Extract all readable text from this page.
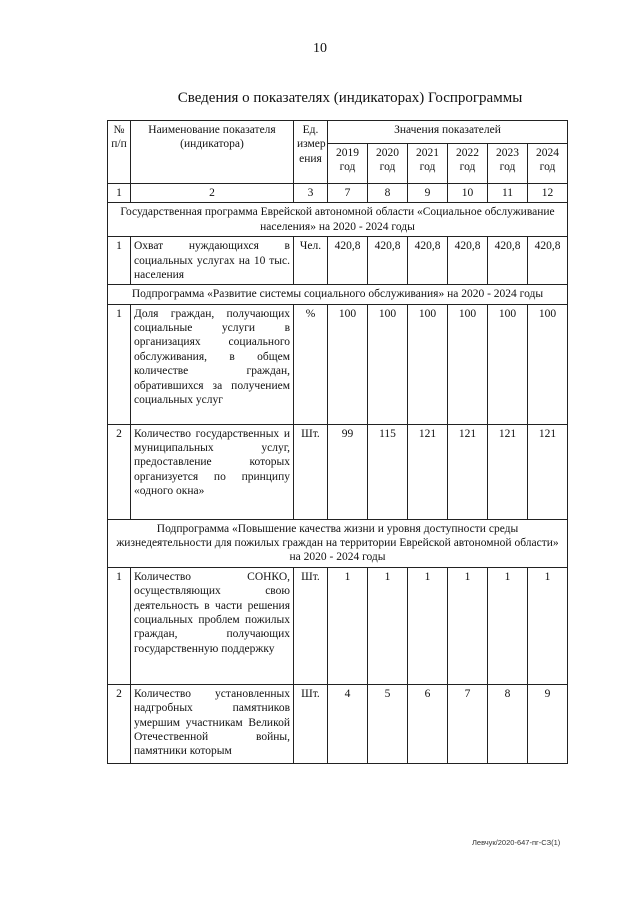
10
Сведения о показателях (индикаторах) Госпрограммы
№ п/п	Наименование показателя (индикатора)	Ед. измер ения	Значения показателей					
			2019 год	2020 год	2021 год	2022 год	2023 год	2024 год
1	2	3	7	8	9	10	11	12
Государственная программа Еврейской автономной области «Социальное обслуживание населения» на 2020 - 2024 годы								
1	Охват нуждающихся в социальных услугах на 10 тыс. населения	Чел.	420,8	420,8	420,8	420,8	420,8	420,8
Подпрограмма «Развитие системы социального обслуживания» на 2020 - 2024 годы								
1	Доля граждан, получающих социальные услуги в организациях социального обслуживания, в общем количестве граждан, обратившихся за получением социальных услуг	%	100	100	100	100	100	100
2	Количество государственных и муниципальных услуг, предоставление которых организуется по принципу «одного окна»	Шт.	99	115	121	121	121	121
Подпрограмма «Повышение качества жизни и уровня доступности среды жизнедеятельности для пожилых граждан на территории Еврейской автономной области» на 2020 - 2024 годы								
1	Количество СОНКО, осуществляющих свою деятельность в части решения социальных проблем пожилых граждан, получающих государственную поддержку	Шт.	1	1	1	1	1	1
2	Количество установленных надгробных памятников умершим участникам Великой Отечественной войны, памятники которым	Шт.	4	5	6	7	8	9
Левчук/2020-647-пг-СЗ(1)
